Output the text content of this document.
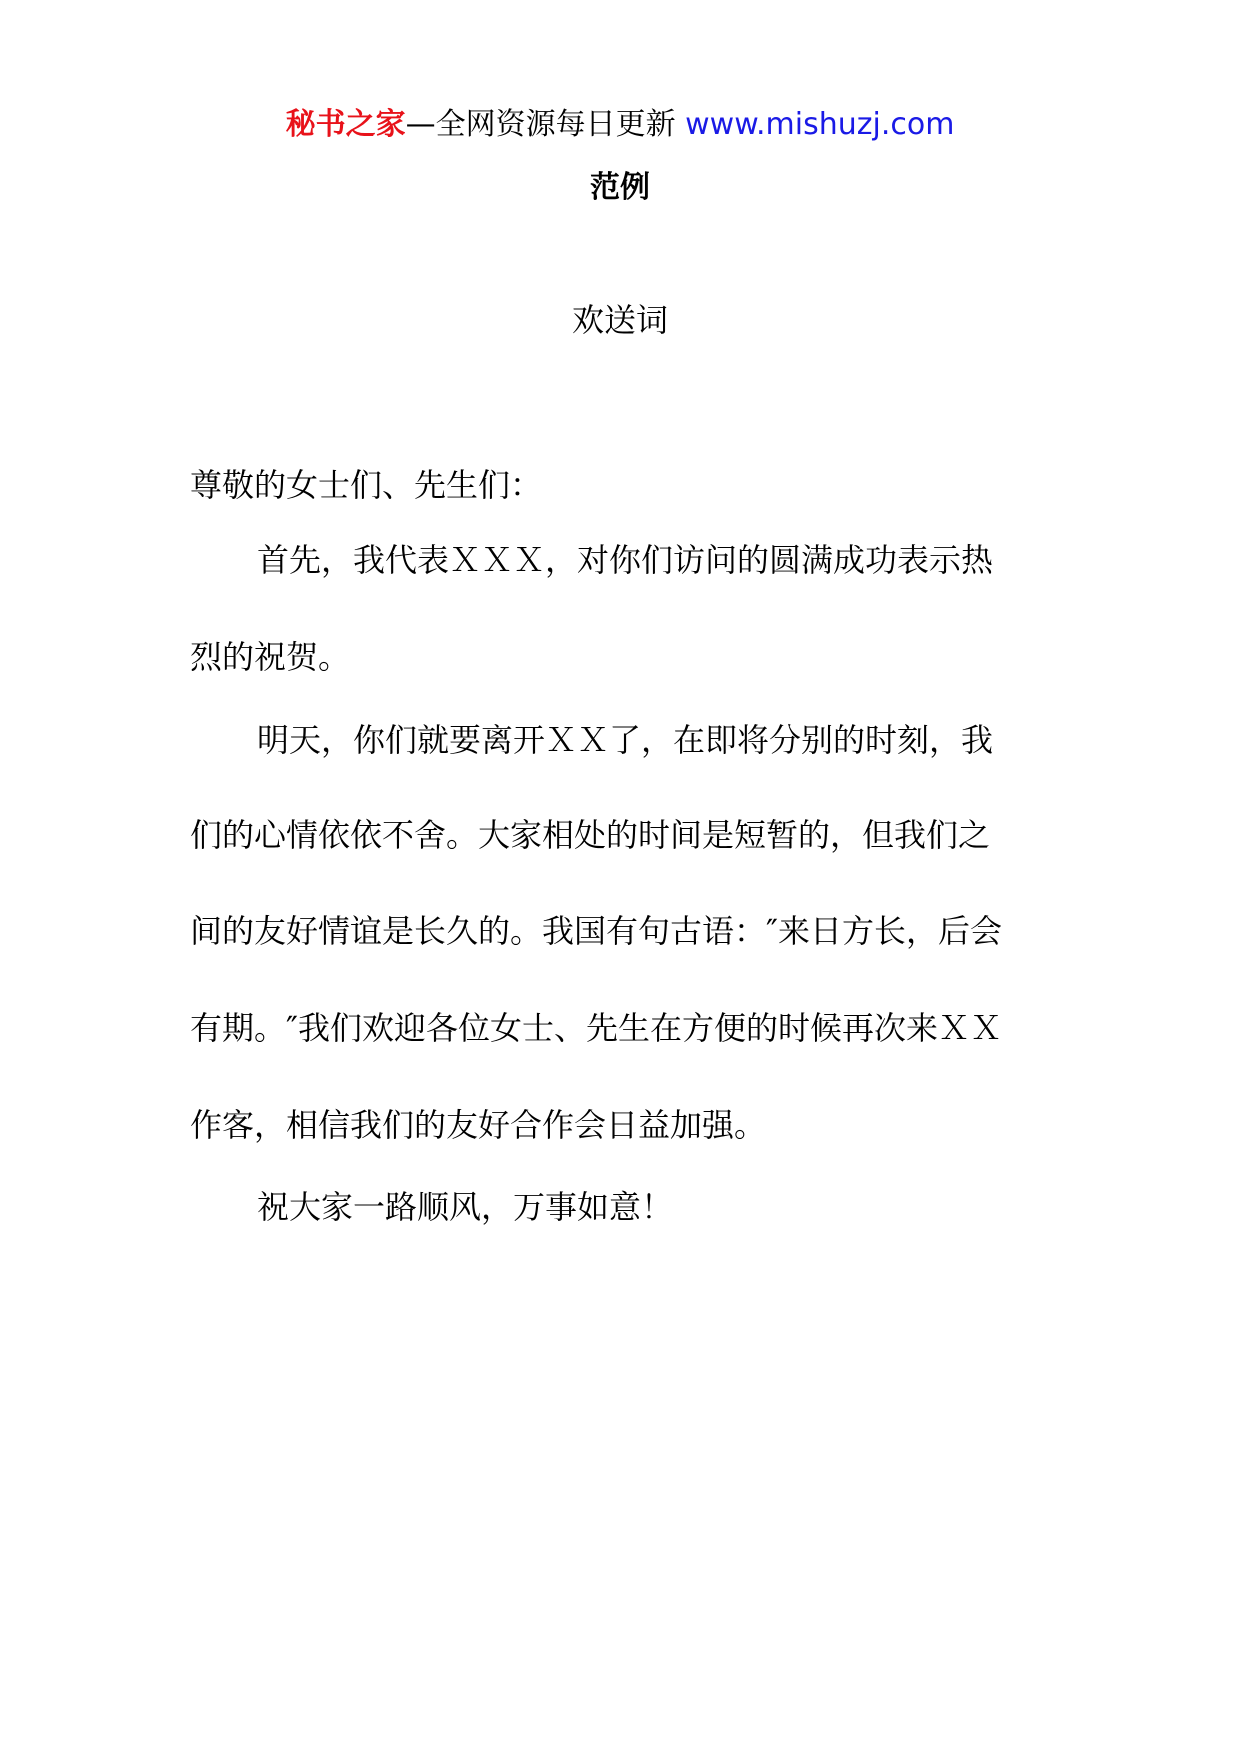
秘书之家—全网资源每日更新 www.mishuzj.com
范例
欢送词
尊敬的女士们、先生们：
首先，我代表ＸＸＸ，对你们访问的圆满成功表示热
烈的祝贺。
明天，你们就要离开ＸＸ了，在即将分别的时刻，我
们的心情依依不舍。大家相处的时间是短暂的，但我们之
间的友好情谊是长久的。我国有句古语：″来日方长，后会
有期。″我们欢迎各位女士、先生在方便的时候再次来ＸＸ
作客，相信我们的友好合作会日益加强。
祝大家一路顺风，万事如意！
